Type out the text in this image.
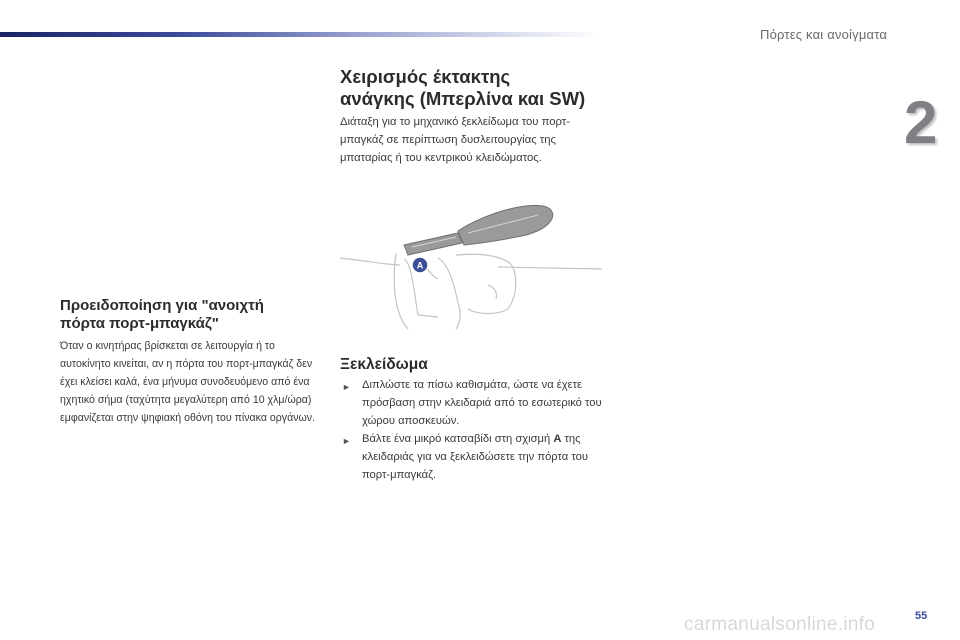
Πόρτες και ανοίγματα
2
Χειρισμός έκτακτης
ανάγκης (Μπερλίνα και SW)

Διάταξη για το μηχανικό ξεκλείδωμα του πορτ-μπαγκάζ σε περίπτωση δυσλειτουργίας της μπαταρίας ή του κεντρικού κλειδώματος.

A
Προειδοποίηση για "ανοιχτή
πόρτα πορτ-μπαγκάζ"

Όταν ο κινητήρας βρίσκεται σε λειτουργία ή το αυτοκίνητο κινείται, αν η πόρτα του πορτ-μπαγκάζ δεν έχει κλείσει καλά, ένα μήνυμα συνοδευόμενο από ένα ηχητικό σήμα (ταχύτητα μεγαλύτερη από 10 χλμ/ώρα) εμφανίζεται στην ψηφιακή οθόνη του πίνακα οργάνων.

Ξεκλείδωμα
► Διπλώστε τα πίσω καθισμάτα, ώστε να έχετε πρόσβαση στην κλειδαριά από το εσωτερικό του χώρου αποσκευών.
► Βάλτε ένα μικρό κατσαβίδι στη σχισμή A της κλειδαριάς για να ξεκλειδώσετε την πόρτα του πορτ-μπαγκάζ.
carmanualsonline.info	55
